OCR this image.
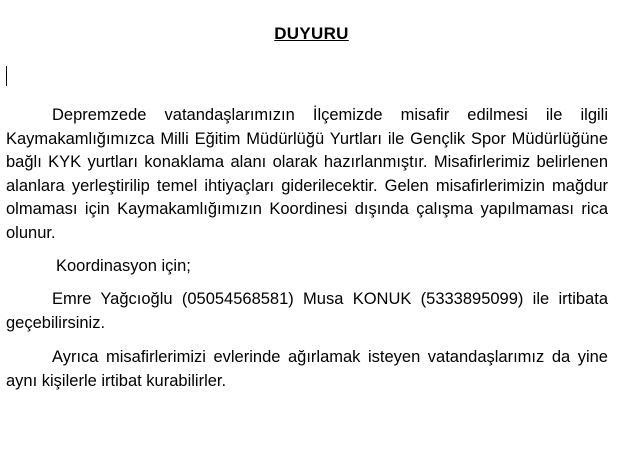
DUYURU

Depremzede vatandaşlarımızın İlçemizde misafir edilmesi ile ilgili Kaymakamlığımızca Milli Eğitim Müdürlüğü Yurtları ile Gençlik Spor Müdürlüğüne bağlı KYK yurtları konaklama alanı olarak hazırlanmıştır. Misafirlerimiz belirlenen alanlara yerleştirilip temel ihtiyaçları giderilecektir. Gelen misafirlerimizin mağdur olmaması için Kaymakamlığımızın Koordinesi dışında çalışma yapılmaması rica olunur.

Koordinasyon için;

Emre Yağcıoğlu (05054568581) Musa KONUK (5333895099) ile irtibata geçebilirsiniz.

Ayrıca misafirlerimizi evlerinde ağırlamak isteyen vatandaşlarımız da yine aynı kişilerle irtibat kurabilirler.
